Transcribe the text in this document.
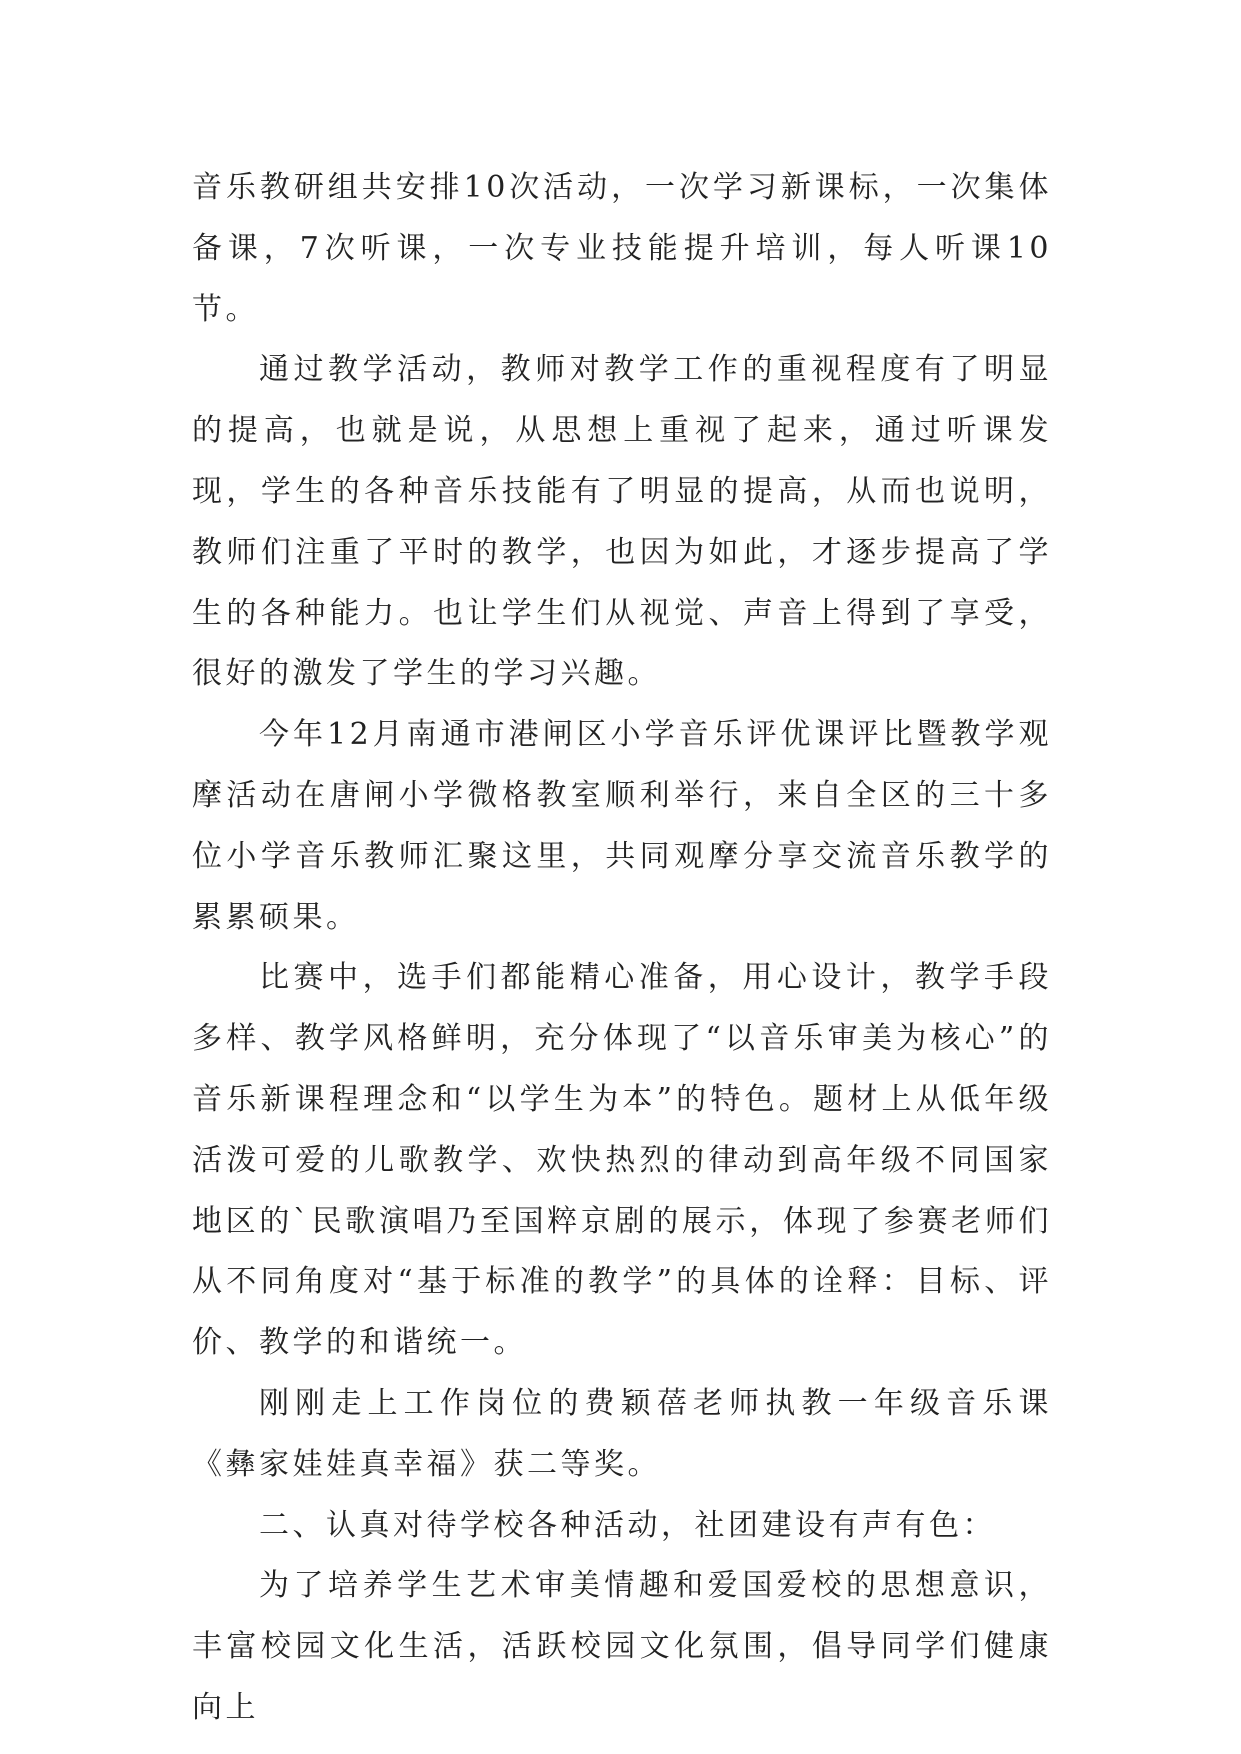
音乐教研组共安排10次活动，一次学习新课标，一次集体备课，7次听课，一次专业技能提升培训，每人听课10节。

通过教学活动，教师对教学工作的重视程度有了明显的提高，也就是说，从思想上重视了起来，通过听课发现，学生的各种音乐技能有了明显的提高，从而也说明，教师们注重了平时的教学，也因为如此，才逐步提高了学生的各种能力。也让学生们从视觉、声音上得到了享受，很好的激发了学生的学习兴趣。

今年12月南通市港闸区小学音乐评优课评比暨教学观摩活动在唐闸小学微格教室顺利举行，来自全区的三十多位小学音乐教师汇聚这里，共同观摩分享交流音乐教学的累累硕果。

比赛中，选手们都能精心准备，用心设计，教学手段多样、教学风格鲜明，充分体现了“以音乐审美为核心”的音乐新课程理念和“以学生为本”的特色。题材上从低年级活泼可爱的儿歌教学、欢快热烈的律动到高年级不同国家地区的`民歌演唱乃至国粹京剧的展示，体现了参赛老师们从不同角度对“基于标准的教学”的具体的诠释：目标、评价、教学的和谐统一。

刚刚走上工作岗位的费颖蓓老师执教一年级音乐课《彝家娃娃真幸福》获二等奖。

二、认真对待学校各种活动，社团建设有声有色：

为了培养学生艺术审美情趣和爱国爱校的思想意识，丰富校园文化生活，活跃校园文化氛围，倡导同学们健康向上
